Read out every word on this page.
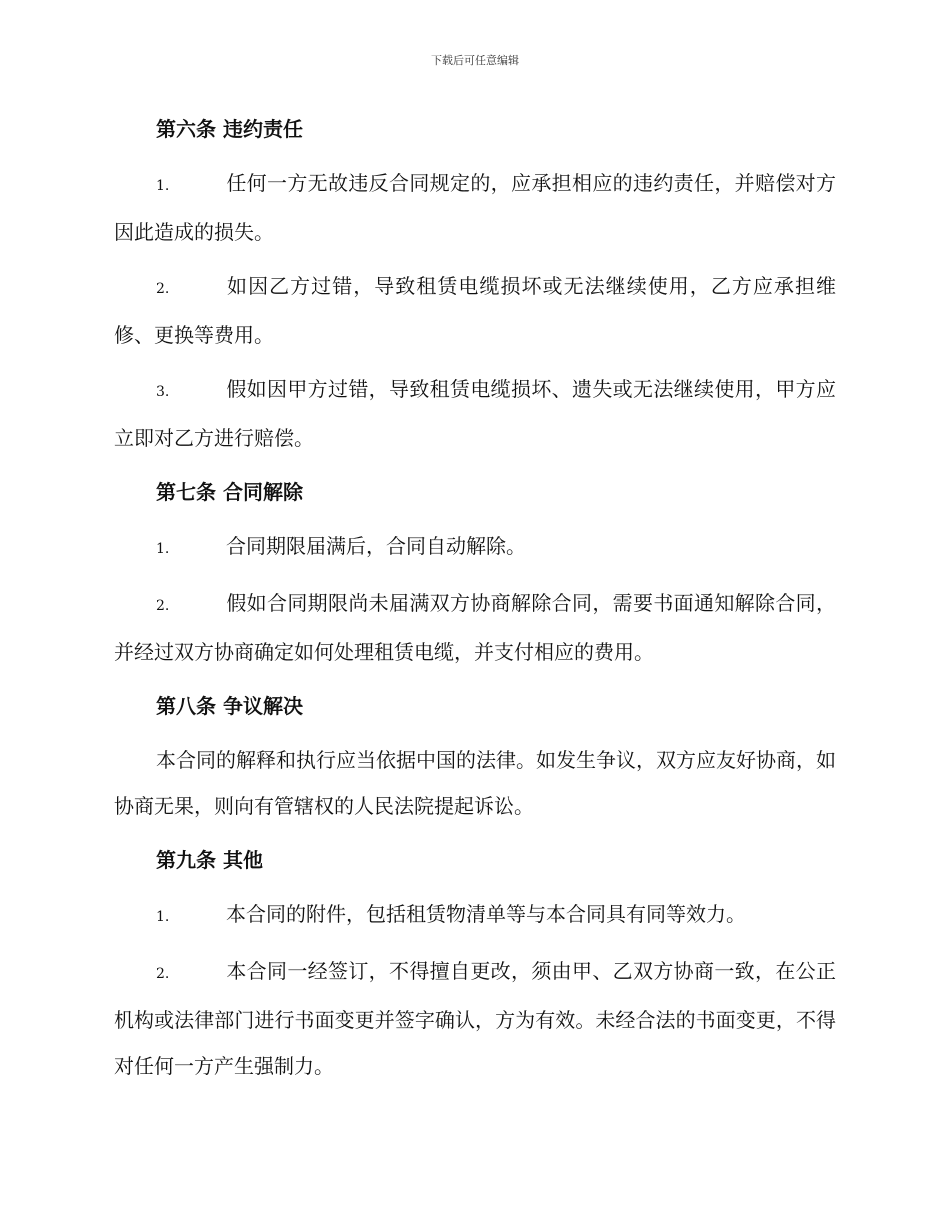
下载后可任意编辑
第六条 违约责任
1.	任何一方无故违反合同规定的，应承担相应的违约责任，并赔偿对方因此造成的损失。
2.	如因乙方过错，导致租赁电缆损坏或无法继续使用，乙方应承担维修、更换等费用。
3.	假如因甲方过错，导致租赁电缆损坏、遗失或无法继续使用，甲方应立即对乙方进行赔偿。
第七条 合同解除
1.	合同期限届满后，合同自动解除。
2.	假如合同期限尚未届满双方协商解除合同，需要书面通知解除合同，并经过双方协商确定如何处理租赁电缆，并支付相应的费用。
第八条 争议解决
本合同的解释和执行应当依据中国的法律。如发生争议，双方应友好协商，如协商无果，则向有管辖权的人民法院提起诉讼。
第九条 其他
1.	本合同的附件，包括租赁物清单等与本合同具有同等效力。
2.	本合同一经签订，不得擅自更改，须由甲、乙双方协商一致，在公正机构或法律部门进行书面变更并签字确认，方为有效。未经合法的书面变更，不得对任何一方产生强制力。
